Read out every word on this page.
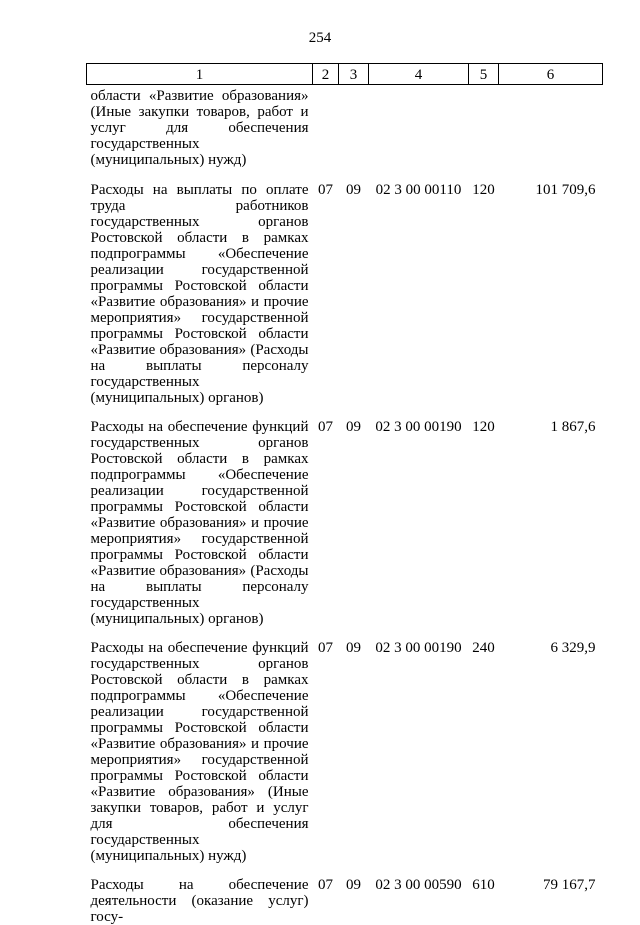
254
1	2	3	4	5	6
области «Развитие образования» (Иные закупки товаров, работ и услуг для обеспечения государственных (муниципальных) нужд)					
Расходы на выплаты по оплате труда работников государственных органов Ростовской области в рамках подпрограммы «Обеспечение реализации государственной программы Ростовской области «Развитие образования» и прочие мероприятия» государственной программы Ростовской области «Развитие образования» (Расходы на выплаты персоналу государственных (муниципальных) органов)	07	09	02 3 00 00110	120	101 709,6
Расходы на обеспечение функций государственных органов Ростовской области в рамках подпрограммы «Обеспечение реализации государственной программы Ростовской области «Развитие образования» и прочие мероприятия» государственной программы Ростовской области «Развитие образования» (Расходы на выплаты персоналу государственных (муниципальных) органов)	07	09	02 3 00 00190	120	1 867,6
Расходы на обеспечение функций государственных органов Ростовской области в рамках подпрограммы «Обеспечение реализации государственной программы Ростовской области «Развитие образования» и прочие мероприятия» государственной программы Ростовской области «Развитие образования» (Иные закупки товаров, работ и услуг для обеспечения государственных (муниципальных) нужд)	07	09	02 3 00 00190	240	6 329,9
Расходы на обеспечение деятельности (оказание услуг) госу-	07	09	02 3 00 00590	610	79 167,7
